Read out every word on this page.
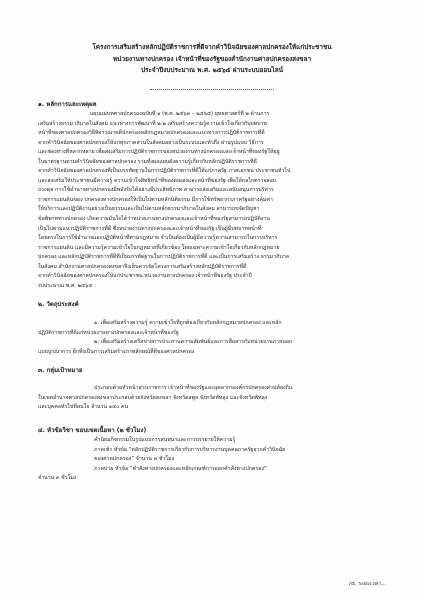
โครงการเสริมสร้างหลักปฏิบัติราชการที่ดีจากคำวินิจฉัยของศาลปกครองให้แก่ประชาชน
หน่วยงานทางปกครอง เจ้าหน้าที่ของรัฐของสำนักงานศาลปกครองสงขลา
ประจำปีงบประมาณ พ.ศ. ๒๕๖๕ ผ่านระบบออนไลน์
๑. หลักการและเหตุผล
แผนแม่บทศาลปกครองฉบับที่ ๑ (พ.ศ. ๒๕๖๓ – ๒๕๖๕) ยุทธศาสตร์ที่ ๒ ด้านการ
เสริมสร้างธรรมาภิบาลในสังคม แนวทางการพัฒนาที่ ๒.๒ เสริมสร้างความรู้ความเข้าใจเกี่ยวกับบทบาท
หน้าที่ของศาลปกครองวิธีพิจารณาคดีปกครองหลักกฎหมายปกครองและแนวทางการปฏิบัติราชการที่ดี
จากคำวินิจฉัยของศาลปกครองให้แก่ทุกภาคส่วนในสังคมอย่างเป็นระบบและทั่วถึง ผ่านรูปแบบ วิธีการ
และช่องทางที่หลากหลาย เพื่อส่งเสริมการปฏิบัติราชการของหน่วยงานทางปกครองและเจ้าหน้าที่ของรัฐให้อยู่
ในมาตรฐานตามคำวินิจฉัยของศาลปกครอง รวมทั้งผลแผนผังความรู้เกี่ยวกับหลักปฏิบัติราชการที่ดี
จากคำวินิจฉัยของศาลปกครองที่เป็นบรรทัดฐานในการปฏิบัติราชการที่ดีให้แก่ภาครัฐ ภาคเอกชน ประชาชนทั่วไป
และส่งเสริมให้ประชาชนมีความรู้ ความเข้าใจสิทธิหน้าที่ของตนเองและหน้าที่ของรัฐ เพื่อให้กลไกตรวจสอบ
ถ่วงดุล การใช้อำนาจทางปกครองมีพลังรับได้อย่างมีประสิทธิภาพ สามารถส่งเสริมและสนับสนุนการบริหาร
ราชการแผ่นดินของ ปกครองทางปกครองให้เป็นไปตามหลักนิติธรรม มีการใช้ทรัพยากรภาครัฐอย่างคุ้มค่า
ให้บริการและปฏิบัติงานอย่างเป็นธรรมและเป็นไปตามหลักธรรมาภิบาลในสังคม สามารถขจัดปัญหา
ข้อพิพาททางปกครอง เกิดความมั่นใจได้ว่าหน่วยงานทางปกครองและเจ้าหน้าที่ของรัฐสามารถปฏิบัติงาน
เป็นไปตามแนวปฏิบัติราชการที่ดี ซึ่งหน่วยงานทางปกครองและเจ้าหน้าที่ของรัฐ เป็นผู้มีบทบาทหน้าที่
โดยตรงในการใช้อำนาจและปฏิบัติหน้าที่ตามกฎหมาย จำเป็นต้องเป็นผู้มีความรู้ความสามารถในการบริหาร
ราชการแผ่นดิน และมีความรู้ความเข้าใจในกฎหมายที่เกี่ยวข้อง โดยเฉพาะความเข้าใจเกี่ยวกับหลักกฎหมาย
ปกครอง และหลักปฏิบัติราชการที่ดีที่เป็นบรรทัดฐานในการปฏิบัติราชการที่ดี และเป็นการเสริมสร้าง ธรรมาภิบาล
ในสังคม สำนักงานศาลปกครองสงขลาจึงเห็นควรจัดโครงการเสริมสร้างหลักปฏิบัติราชการที่ดี
จากคำวินิจฉัยของศาลปกครองให้แก่ประชาชน หน่วยงานทางปกครอง เจ้าหน้าที่ของรัฐ ประจำปี
งบประมาณ พ.ศ. ๒๕๖๕
๒. วัตถุประสงค์
๑. เพื่อเสริมสร้างความรู้ ความเข้าใจที่ถูกต้องเกี่ยวกับหลักกฎหมายปกครอง และหลัก
ปฏิบัติราชการที่ดีแก่หน่วยงานทางปกครองและเจ้าหน้าที่ของรัฐ
๒. เพื่อเสริมสร้างเครือข่ายการประสานความสัมพันธ์และการสื่อสารกับหน่วยงานภายนอก
แบบบูรณาการ อีกทั้งเป็นการเสริมสร้างภาพลักษณ์ที่ดีของศาลปกครอง
๓. กลุ่มเป้าหมาย
ประกอบด้วยหัวหน้าส่วนราชการ เจ้าหน้าที่ของรัฐและบุคลากรองค์กรปกครองส่วนท้องถิ่น
ในเขตอำนาจศาลปกครองสงขลาประกอบด้วยจังหวัดสงขลา จังหวัดสตูล จังหวัดพัทลุง และจังหวัดพัทลุง
และบุคคลทั่วไปที่สนใจ จำนวน ๑๕๐ คน
๔. หัวข้อวิชา ขอบเขตเนื้อหา (๒ ชั่วโมง)
คำนิยมกิจกรรมในรูปแบบการสนทนาและการบรรยายให้ความรู้
ภาคเช้า หัวข้อ “หลักปฏิบัติราชการเกี่ยวกับการบริหารงานบุคคลภาครัฐจากคำวินิจฉัย
ของศาลปกครอง” จำนวน ๓ ชั่วโมง
ภาคบ่าย หัวข้อ “คำสั่งทางปกครองและหลักเกณฑ์การออกคำสั่งทางปกครอง”
จำนวน ๓ ชั่วโมง
/๕. ระยะเวลา...
